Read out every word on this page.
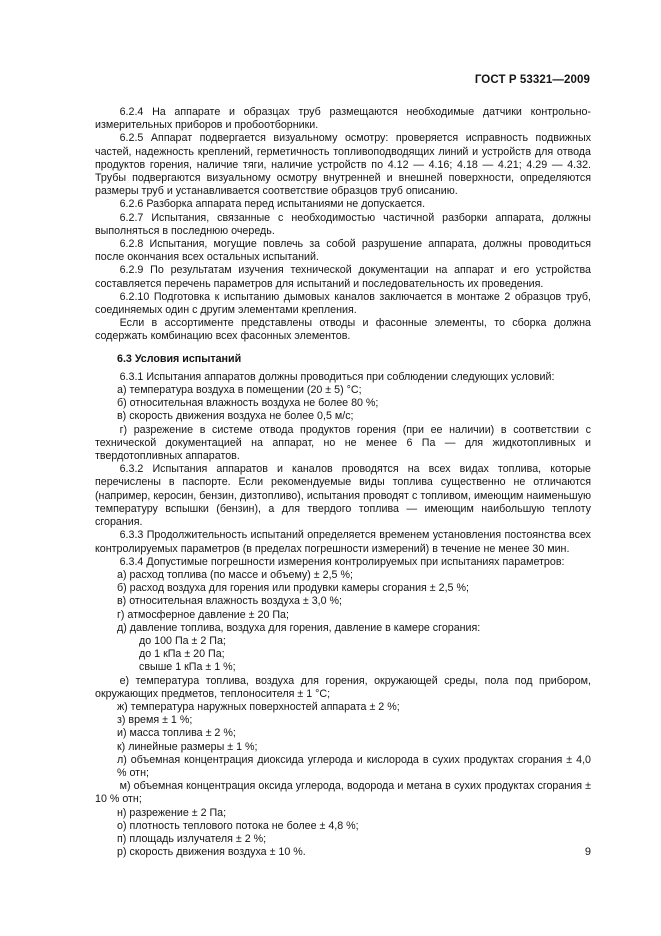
ГОСТ Р 53321—2009

6.2.4 На аппарате и образцах труб размещаются необходимые датчики контрольно-измерительных приборов и пробоотборники.

6.2.5 Аппарат подвергается визуальному осмотру: проверяется исправность подвижных частей, надежность креплений, герметичность топливоподводящих линий и устройств для отвода продуктов горения, наличие тяги, наличие устройств по 4.12 — 4.16; 4.18 — 4.21; 4.29 — 4.32. Трубы подвергаются визуальному осмотру внутренней и внешней поверхности, определяются размеры труб и устанавливается соответствие образцов труб описанию.

6.2.6 Разборка аппарата перед испытаниями не допускается.

6.2.7 Испытания, связанные с необходимостью частичной разборки аппарата, должны выполняться в последнюю очередь.

6.2.8 Испытания, могущие повлечь за собой разрушение аппарата, должны проводиться после окончания всех остальных испытаний.

6.2.9 По результатам изучения технической документации на аппарат и его устройства составляется перечень параметров для испытаний и последовательность их проведения.

6.2.10 Подготовка к испытанию дымовых каналов заключается в монтаже 2 образцов труб, соединяемых один с другим элементами крепления.

Если в ассортименте представлены отводы и фасонные элементы, то сборка должна содержать комбинацию всех фасонных элементов.

6.3 Условия испытаний

6.3.1 Испытания аппаратов должны проводиться при соблюдении следующих условий:

а) температура воздуха в помещении (20 ± 5) °С;

б) относительная влажность воздуха не более 80 %;

в) скорость движения воздуха не более 0,5 м/с;

г) разрежение в системе отвода продуктов горения (при ее наличии) в соответствии с технической документацией на аппарат, но не менее 6 Па — для жидкотопливных и твердотопливных аппаратов.

6.3.2 Испытания аппаратов и каналов проводятся на всех видах топлива, которые перечислены в паспорте. Если рекомендуемые виды топлива существенно не отличаются (например, керосин, бензин, дизтопливо), испытания проводят с топливом, имеющим наименьшую температуру вспышки (бензин), а для твердого топлива — имеющим наибольшую теплоту сгорания.

6.3.3 Продолжительность испытаний определяется временем установления постоянства всех контролируемых параметров (в пределах погрешности измерений) в течение не менее 30 мин.

6.3.4 Допустимые погрешности измерения контролируемых при испытаниях параметров:

а) расход топлива (по массе и объему) ± 2,5 %;

б) расход воздуха для горения или продувки камеры сгорания ± 2,5 %;

в) относительная влажность воздуха ± 3,0 %;

г) атмосферное давление ± 20 Па;

д) давление топлива, воздуха для горения, давление в камере сгорания:

до 100 Па ± 2 Па;

до 1 кПа ± 20 Па;

свыше 1 кПа ± 1 %;

е) температура топлива, воздуха для горения, окружающей среды, пола под прибором, окружающих предметов, теплоносителя ± 1 °С;

ж) температура наружных поверхностей аппарата ± 2 %;

з) время ± 1 %;

и) масса топлива ± 2 %;

к) линейные размеры ± 1 %;

л) объемная концентрация диоксида углерода и кислорода в сухих продуктах сгорания ± 4,0 % отн;

м) объемная концентрация оксида углерода, водорода и метана в сухих продуктах сгорания ± 10 % отн;

н) разрежение ± 2 Па;

о) плотность теплового потока не более ± 4,8 %;

п) площадь излучателя ± 2 %;

р) скорость движения воздуха ± 10 %.	9
